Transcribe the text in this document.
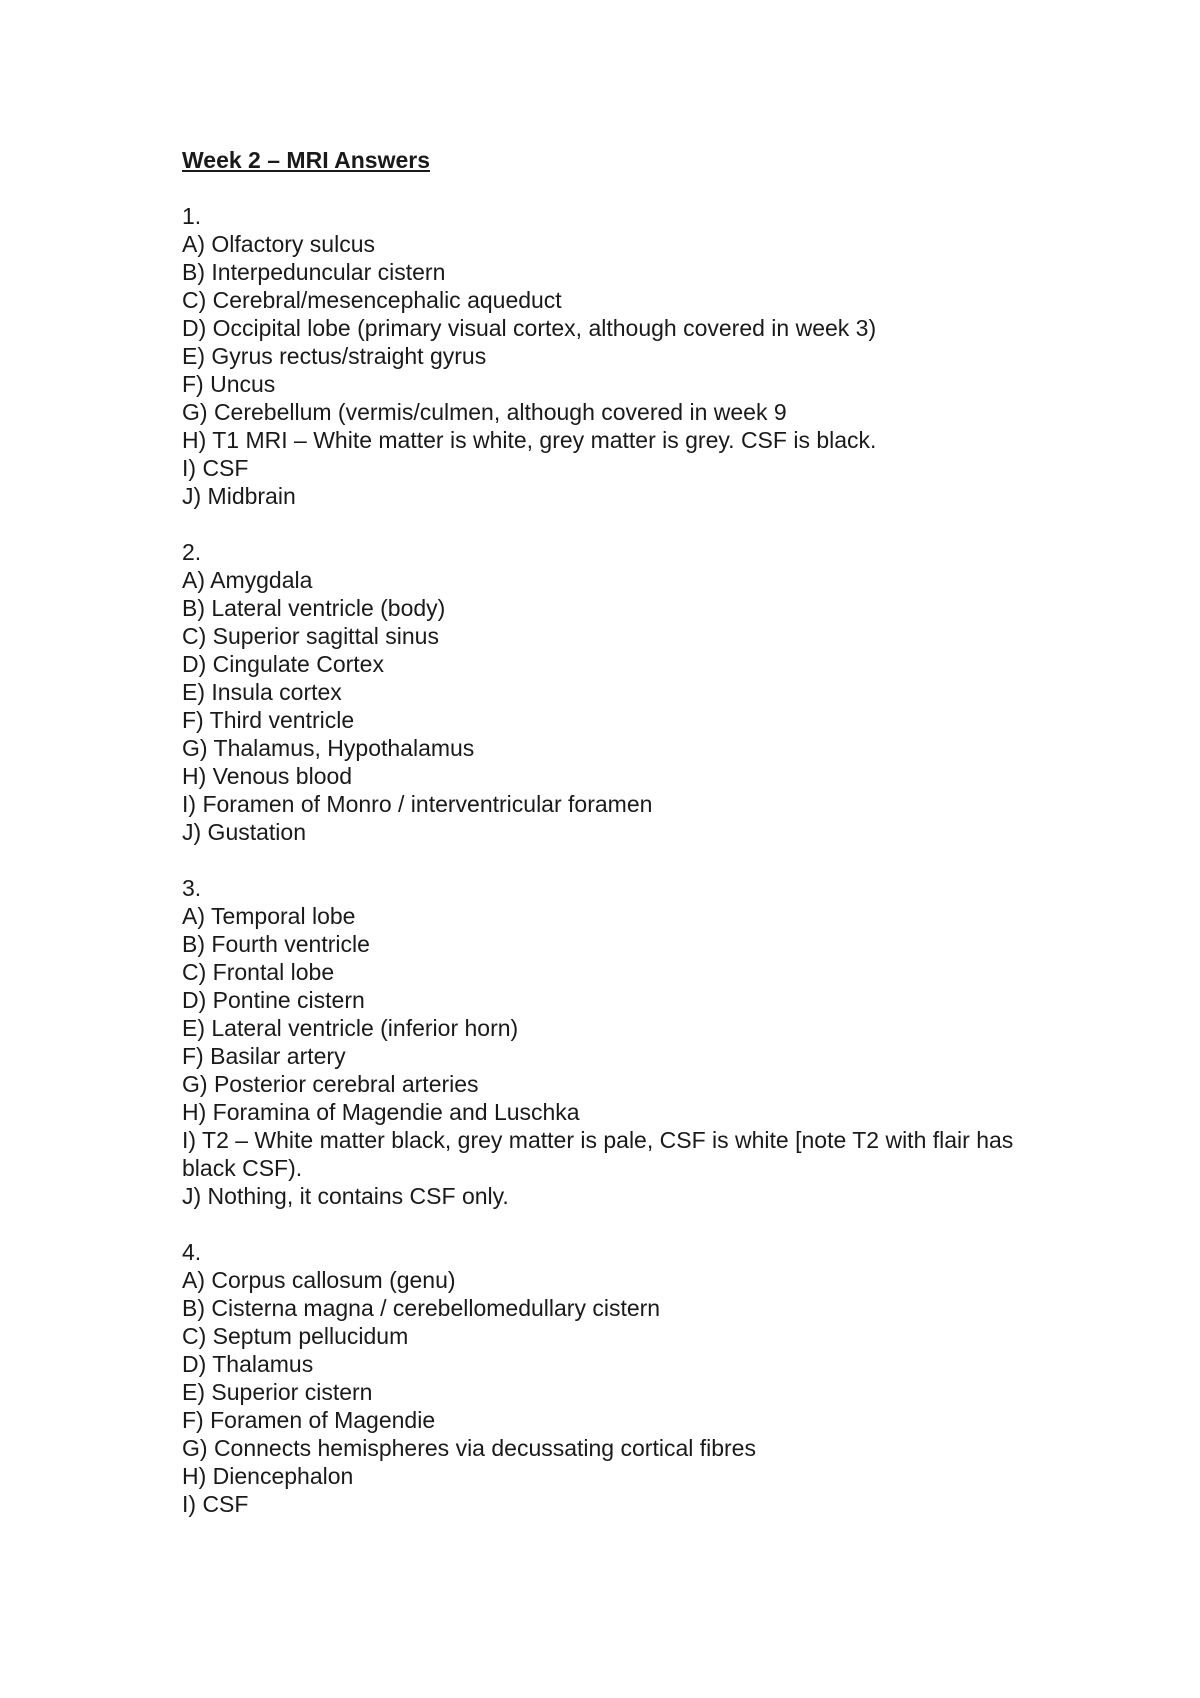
Week 2 – MRI Answers
1.
A) Olfactory sulcus
B) Interpeduncular cistern
C) Cerebral/mesencephalic aqueduct
D) Occipital lobe (primary visual cortex, although covered in week 3)
E) Gyrus rectus/straight gyrus
F) Uncus
G) Cerebellum (vermis/culmen, although covered in week 9
H) T1 MRI – White matter is white, grey matter is grey. CSF is black.
I) CSF
J) Midbrain
2.
A) Amygdala
B) Lateral ventricle (body)
C) Superior sagittal sinus
D) Cingulate Cortex
E) Insula cortex
F) Third ventricle
G) Thalamus, Hypothalamus
H) Venous blood
I) Foramen of Monro / interventricular foramen
J) Gustation
3.
A) Temporal lobe
B) Fourth ventricle
C) Frontal lobe
D) Pontine cistern
E) Lateral ventricle (inferior horn)
F) Basilar artery
G) Posterior cerebral arteries
H) Foramina of Magendie and Luschka
I) T2 – White matter black, grey matter is pale, CSF is white [note T2 with flair has black CSF).
J) Nothing, it contains CSF only.
4.
A) Corpus callosum (genu)
B) Cisterna magna / cerebellomedullary cistern
C) Septum pellucidum
D) Thalamus
E) Superior cistern
F) Foramen of Magendie
G) Connects hemispheres via decussating cortical fibres
H) Diencephalon
I) CSF
